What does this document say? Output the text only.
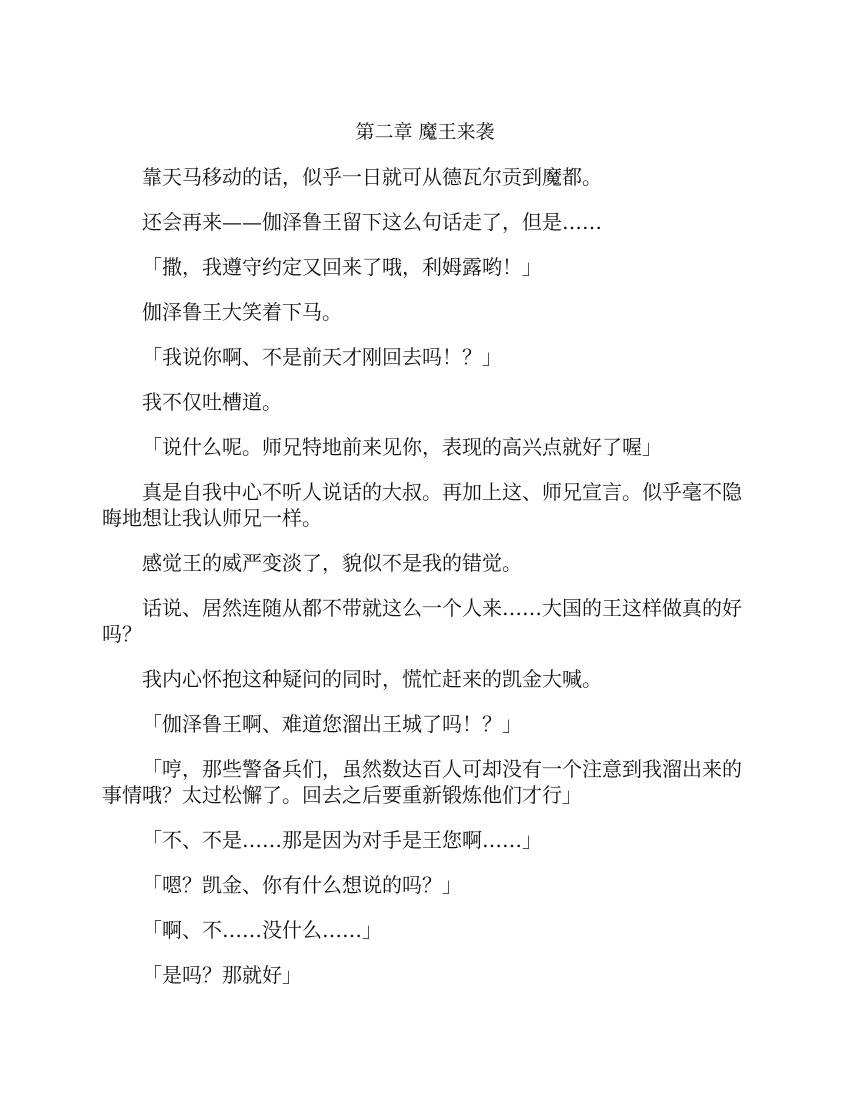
第二章 魔王来袭

靠天马移动的话，似乎一日就可从德瓦尔贡到魔都。

还会再来——伽泽鲁王留下这么句话走了，但是……

「撒，我遵守约定又回来了哦，利姆露哟！」

伽泽鲁王大笑着下马。

「我说你啊、不是前天才刚回去吗！？」

我不仅吐槽道。

「说什么呢。师兄特地前来见你，表现的高兴点就好了喔」

真是自我中心不听人说话的大叔。再加上这、师兄宣言。似乎毫不隐晦地想让我认师兄一样。

感觉王的威严变淡了，貌似不是我的错觉。

话说、居然连随从都不带就这么一个人来……大国的王这样做真的好吗？

我内心怀抱这种疑问的同时，慌忙赶来的凯金大喊。

「伽泽鲁王啊、难道您溜出王城了吗！？」

「哼，那些警备兵们，虽然数达百人可却没有一个注意到我溜出来的事情哦？太过松懈了。回去之后要重新锻炼他们才行」

「不、不是……那是因为对手是王您啊……」

「嗯？凯金、你有什么想说的吗？」

「啊、不……没什么……」

「是吗？那就好」
